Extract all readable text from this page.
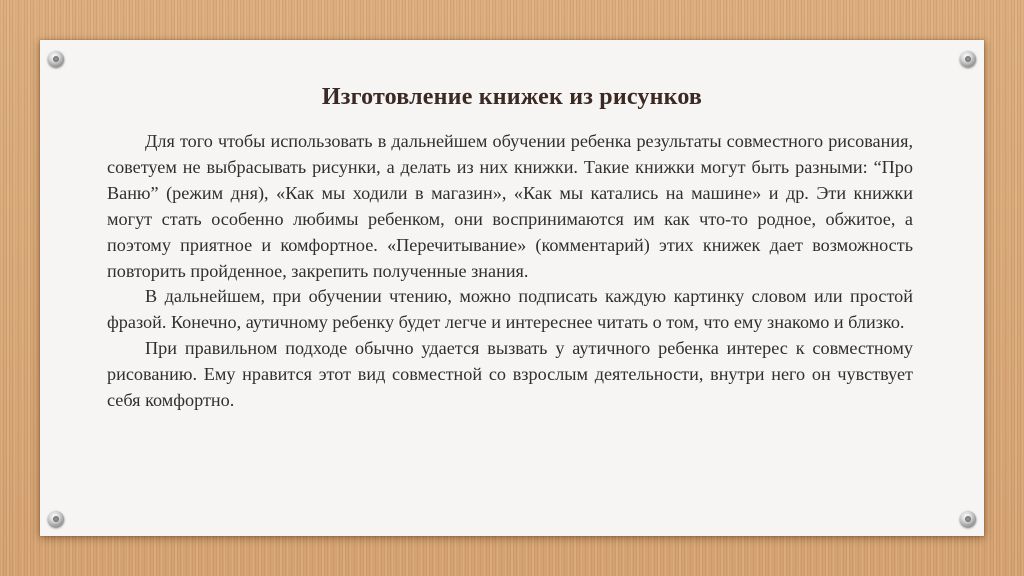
Изготовление книжек из рисунков

Для того чтобы использовать в дальнейшем обучении ребенка результаты совместного рисования, советуем не выбрасывать рисунки, а делать из них книжки. Такие книжки могут быть разными: “Про Ваню” (режим дня), «Как мы ходили в магазин», «Как мы катались на машине» и др. Эти книжки могут стать особенно любимы ребенком, они воспринимаются им как что-то родное, обжитое, а поэтому приятное и комфортное. «Перечитывание» (комментарий) этих книжек дает возможность повторить пройденное, закрепить полученные знания.

В дальнейшем, при обучении чтению, можно подписать каждую картинку словом или простой фразой. Конечно, аутичному ребенку будет легче и интереснее читать о том, что ему знакомо и близко.

При правильном подходе обычно удается вызвать у аутичного ребенка интерес к совместному рисованию. Ему нравится этот вид совместной со взрослым деятельности, внутри него он чувствует себя комфортно.
